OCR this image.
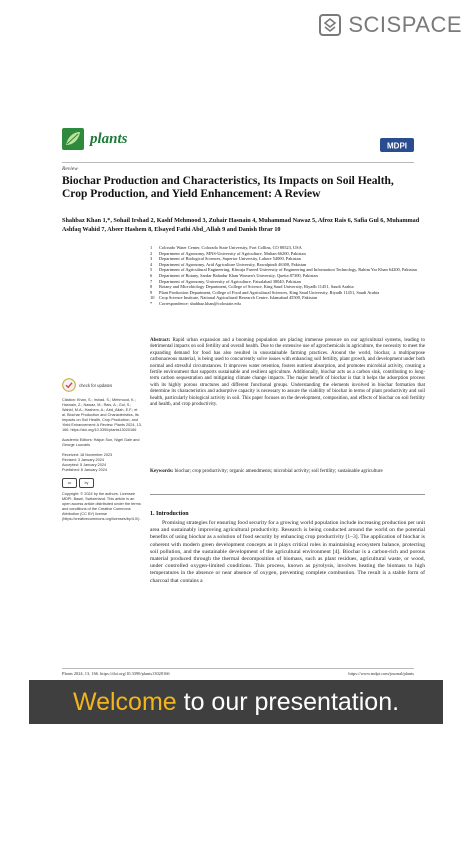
SCISPACE
plants	MDPI
Review
Biochar Production and Characteristics, Its Impacts on Soil Health, Crop Production, and Yield Enhancement: A Review
Shahbaz Khan 1,*, Sohail Irshad 2, Kashf Mehmood 3, Zuhair Hasnain 4, Muhammad Nawaz 5, Afroz Rais 6, Safia Gul 6, Muhammad Ashfaq Wahid 7, Abeer Hashem 8, Elsayed Fathi Abd_Allah 9 and Danish Ibrar 10
1	Colorado Water Center, Colorado State University, Fort Collins, CO 80523, USA
2	Department of Agronomy, MNS-University of Agriculture, Multan 66200, Pakistan
3	Department of Biological Sciences, Superior University, Lahore 54000, Pakistan
4	Department of Agronomy, Arid Agriculture University, Rawalpindi 46300, Pakistan
5	Department of Agricultural Engineering, Khwaja Fareed University of Engineering and Information Technology, Rahim Yar Khan 64200, Pakistan
6	Department of Botany, Sardar Bahadur Khan Women's University, Quetta 87300, Pakistan
7	Department of Agronomy, University of Agriculture, Faisalabad 38040, Pakistan
8	Botany and Microbiology Department, College of Science, King Saud University, Riyadh 11451, Saudi Arabia
9	Plant Production Department, College of Food and Agricultural Sciences, King Saud University, Riyadh 11451, Saudi Arabia
10	Crop Science Institute, National Agricultural Research Centre, Islamabad 45500, Pakistan
*	Correspondence: shahbaz.khan@colostate.edu

Abstract: Rapid urban expansion and a booming population are placing immense pressure on our agricultural systems, leading to detrimental impacts on soil fertility and overall health. Due to the extensive use of agrochemicals in agriculture, the necessity to meet the expanding demand for food has also resulted in unsustainable farming practices. Around the world, biochar, a multipurpose carbonaceous material, is being used to concurrently solve issues with enhancing soil fertility, plant growth, and development under both normal and stressful circumstances. It improves water retention, fosters nutrient absorption, and promotes microbial activity, creating a fertile environment that supports sustainable and resilient agriculture. Additionally, biochar acts as a carbon sink, contributing to long-term carbon sequestration and mitigating climate change impacts. The major benefit of biochar is that it helps the adsorption process with its highly porous structures and different functional groups. Understanding the elements involved in biochar formation that determine its characteristics and adsorptive capacity is necessary to assure the viability of biochar in terms of plant productivity and soil health, particularly biological activity in soil. This paper focuses on the development, composition, and effects of biochar on soil fertility and health, and crop productivity.

Keywords: biochar; crop productivity; organic amendments; microbial activity; soil fertility; sustainable agriculture

1. Introduction

Promising strategies for ensuring food security for a growing world population include increasing production per unit area and sustainably improving agricultural productivity. Research is being conducted around the world on the potential benefits of using biochar as a solution of food security by enhancing crop productivity [1–3]. The application of biochar is coherent with modern green development concepts as it plays critical roles in maintaining ecosystem balance, protecting soil pollution, and the sustainable development of the agricultural environment [4]. Biochar is a carbon-rich and porous material produced through the thermal decomposition of biomass, such as plant residues, agricultural waste, or wood, under controlled oxygen-limited conditions. This process, known as pyrolysis, involves heating the biomass to high temperatures in the absence or near absence of oxygen, preventing complete combustion. The result is a stable form of charcoal that contains a

check for updates

Citation: Khan, S.; Irshad, S.; Mehmood, K.; Hasnain, Z.; Nawaz, M.; Rais, A.; Gul, S.; Wahid, M.A.; Hashem, A.; Abd_Allah, E.F.; et al. Biochar Production and Characteristics, Its Impacts on Soil Health, Crop Production, and Yield Enhancement: A Review. Plants 2024, 13, 166. https://doi.org/10.3390/plants13020166

Academic Editors: Haijun Sun, Nigel Gale and George Louvaris

Received: 18 November 2023
Revised: 3 January 2024
Accepted: 5 January 2024
Published: 8 January 2024
cc	by

Copyright: © 2024 by the authors. Licensee MDPI, Basel, Switzerland. This article is an open access article distributed under the terms and conditions of the Creative Commons Attribution (CC BY) license (https://creativecommons.org/licenses/by/4.0/).

Plants 2024, 13, 166. https://doi.org/10.3390/plants13020166	https://www.mdpi.com/journal/plants
Welcome to our presentation.
